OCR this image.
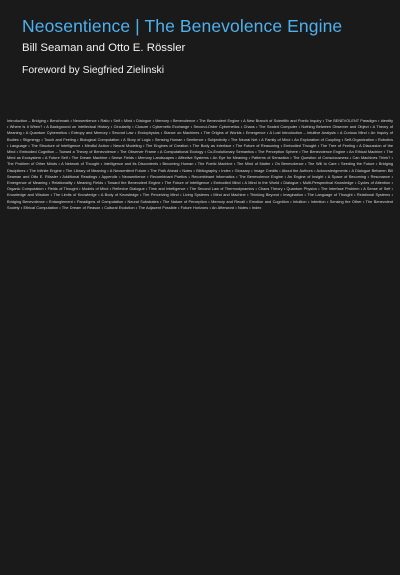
Neosentience | The Benevolence Engine
Bill Seaman and Otto E. Rössler
Foreword by Siegfried Zielinski
Introduction – Bridging • Benchmark • Neosentience • Ratio • Self • Mind • Dialogue • Memory • Benevolence • The Benevolent Engine • A New Branch of Scientific and Poetic Inquiry • The BENEVOLENT Paradigm • Identity • Where is it When? • A Background on Intellectual History • Circularity • Closure • Cybernetic Exchange • Second-Order Cybernetics • Chaos • The Sealed Computer • Nothing Between Observer and Object • A Theory of Meaning • A Quantum Cybernetics • Entropy and Memory • Second Law • Endophysics • Stance on Machines • The Origins of Worlds • Emergence • A Lost Introduction – Intuitive Analysis • A Curious Mind • An Inquiry of Bodies • Stigmergy • Touch and Feeling • Biological Computation • A Story of Logic • Sensing Human • Sentience • Subjectivity • The Neural Net • A Family of Mind • An Exploration of Coupling • Self-Organization • Robotics • Language • The Structure of Intelligence • Mindful Action • Neural Modeling • The Engines of Creation • The Body as Interface • The Future of Reasoning • Embodied Thought • The Tree of Feeling • A Discussion of the Mind • Embodied Cognition – Toward a Theory of Benevolence • The Observer Frame • A Computational Ecology • Co-Evolutionary Semantics • The Perception Sphere • The Benevolence Engine • An Ethical Machine • The Mind as Ecosystem • A Future Self • The Dream Machine • Sense Fields • Memory Landscapes • Affective Systems • An Eye for Meaning • Patterns of Sensation • The Question of Consciousness • Can Machines Think? • The Problem of Other Minds • A Network of Thought • Intelligence and Its Discontents • Becoming Human • The Poetic Machine • The Mind of Matter • On Benevolence • The Will to Care • Seeding the Future • Bridging Disciplines • The Infinite Engine • The Library of Meaning • A Neosentient Future • The Path Ahead • Notes • Bibliography • Index • Glossary • Image Credits • About the Authors • Acknowledgments • A Dialogue Between Bill Seaman and Otto E. Rössler • Additional Readings • Appendix • Neosentience • Recombinant Poetics • Recombinant Informatics • The Benevolence Engine • An Engine of Insight • A Space of Becoming • Resonance • Emergence of Meaning • Relationality • Meaning Fields • Toward the Benevolent Engine • The Future of Intelligence • Embodied Mind • A Mind in the World • Dialogue • Multi-Perspectival Knowledge • Cycles of Attention • Organic Computation • Fields of Thought • Models of Mind • Reflexive Dialogue • Time and Intelligence • The Second Law of Thermodynamics • Chaos Theory • Quantum Physics • The Interface Problem • A Sense of Self • Knowledge and Wisdom • The Limits of Knowledge • A Body of Knowledge • The Perceiving Mind • Living Systems • Mind and Machine • Thinking Beyond • Imagination • The Language of Thought • Relational Systems • Bridging Benevolence • Entanglement • Paradigms of Computation • Neural Substrates • The Nature of Perception • Memory and Recall • Emotion and Cognition • Intuition • Intention • Sensing the Other • The Benevolent Society • Ethical Computation • The Dream of Reason • Cultural Evolution • The Adjacent Possible • Future Horizons • An Afterword • Notes • Index
